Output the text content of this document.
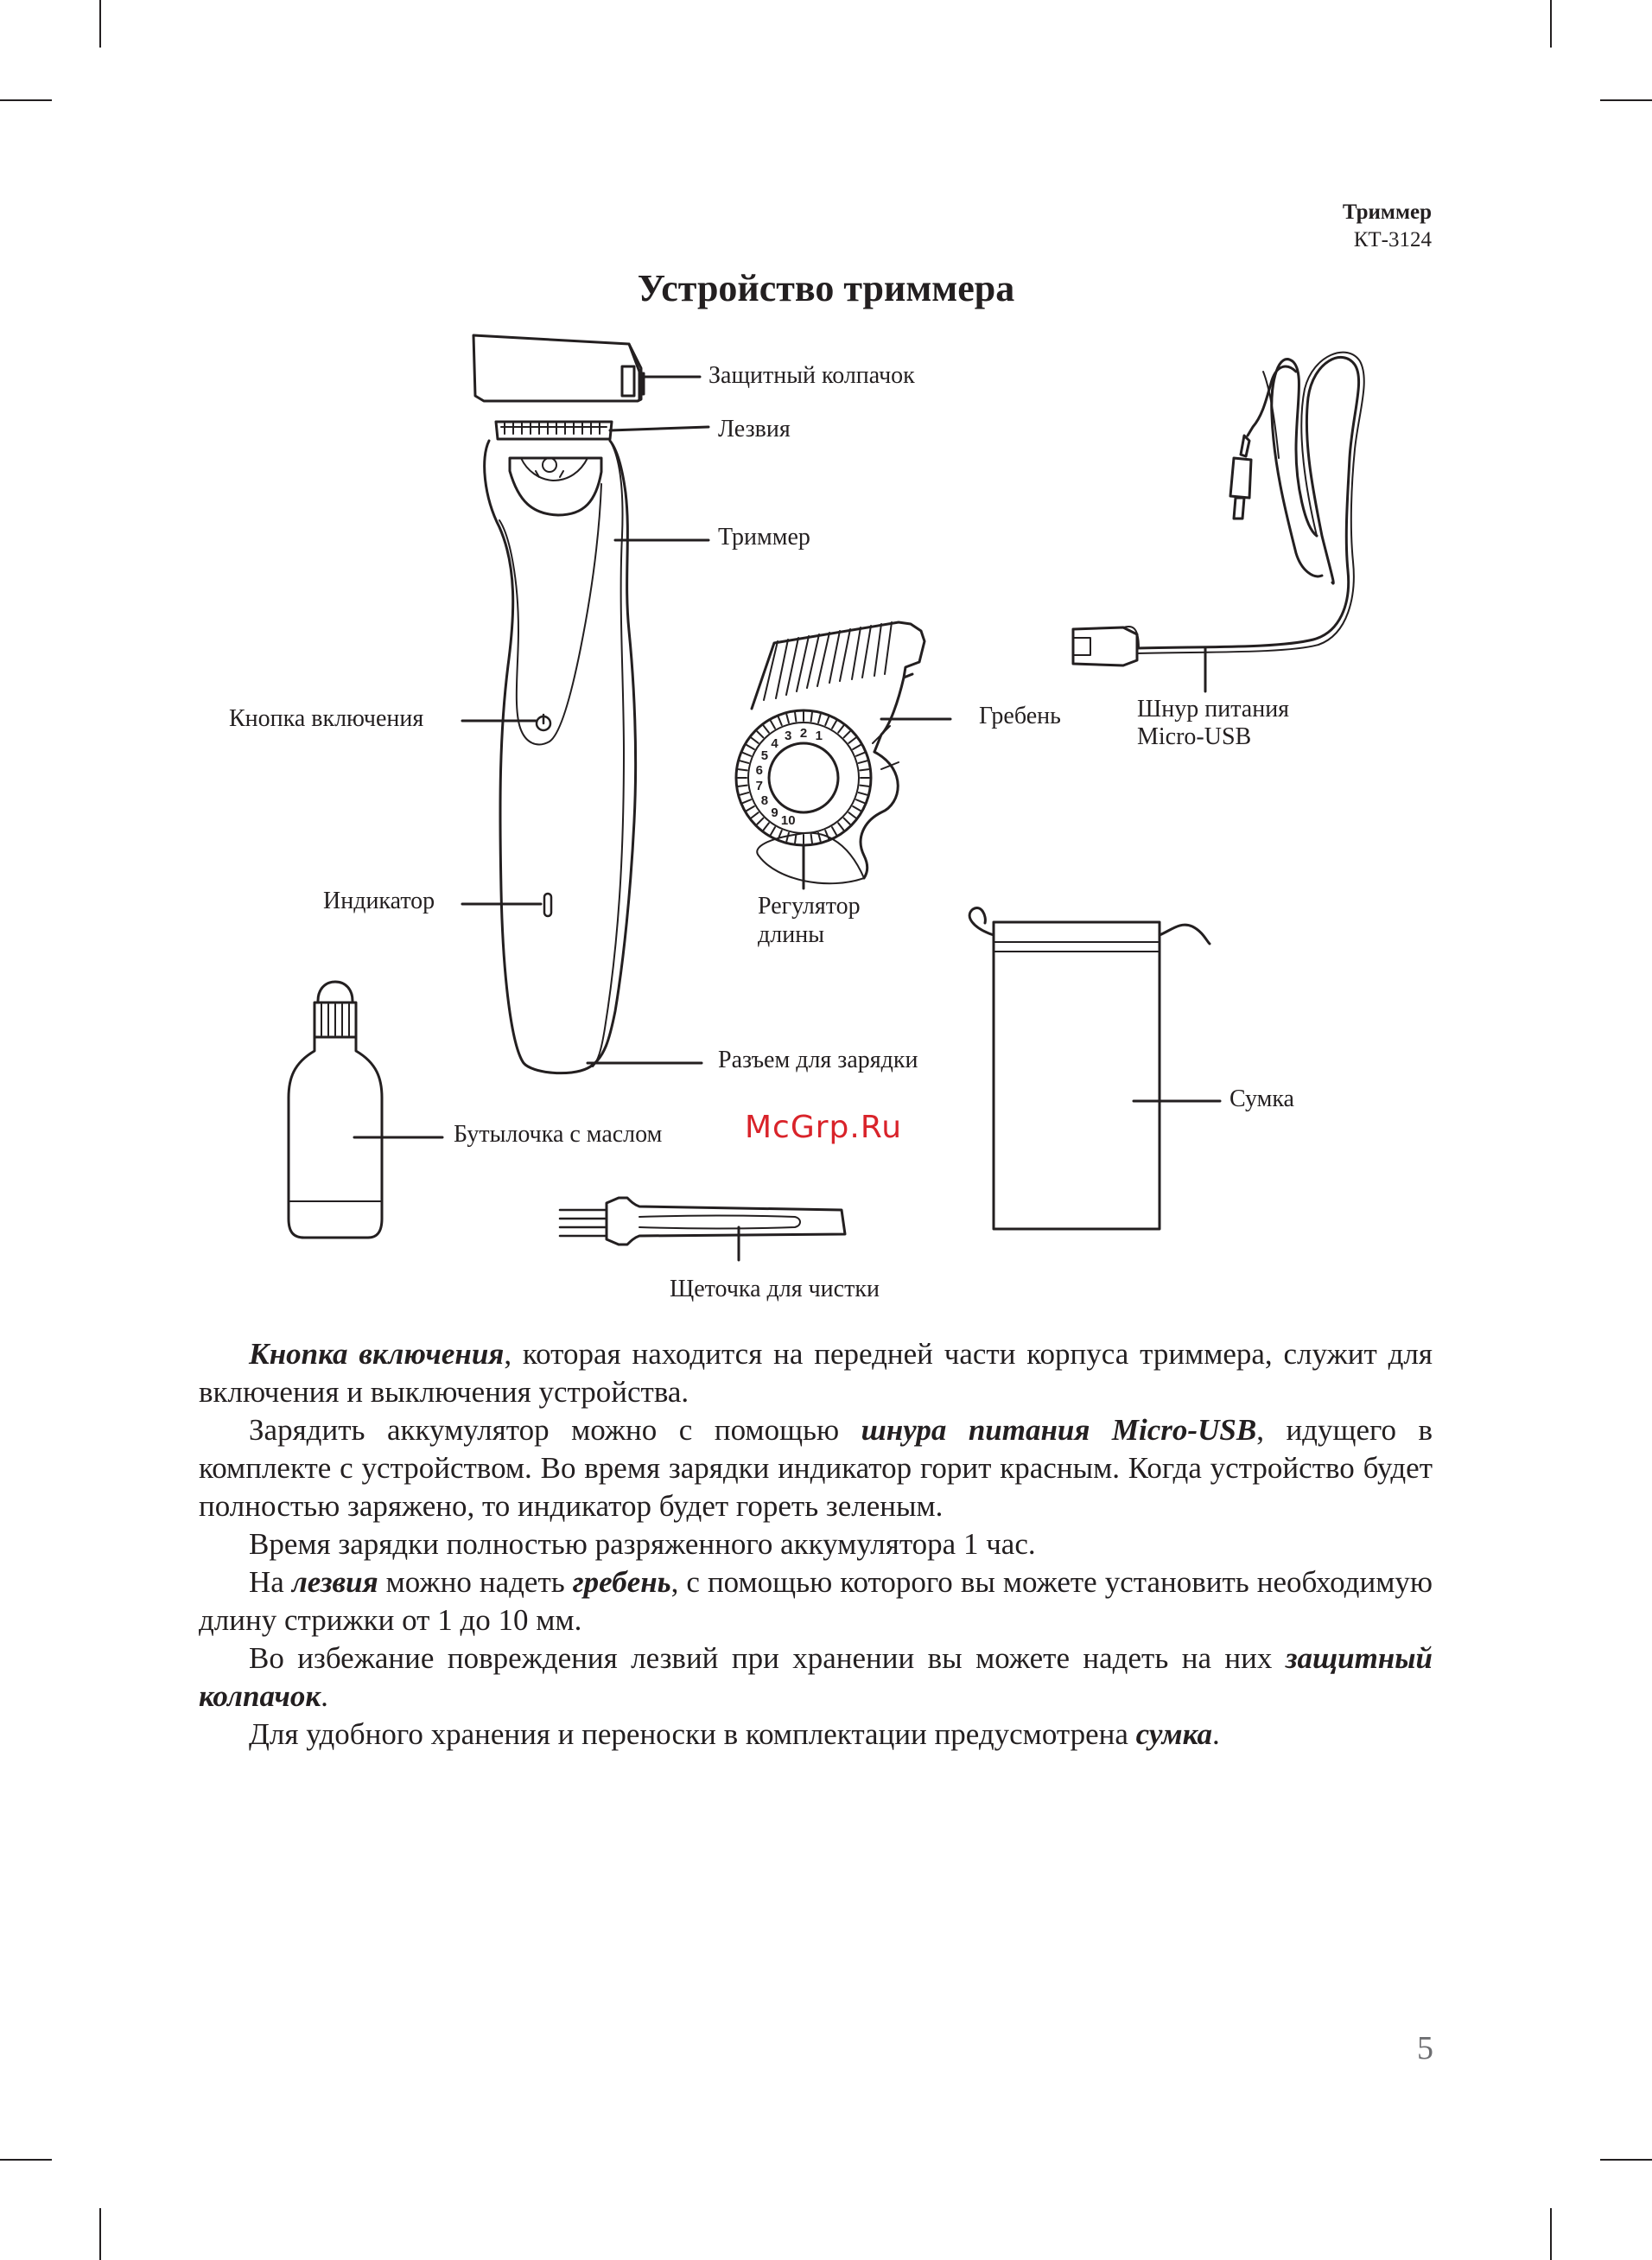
Триммер
КТ-3124
Устройство триммера
1
2
3
4
5
6
7
8
9
10
Защитный колпачок
Лезвия
Триммер
Кнопка включения
Индикатор
Разъем для зарядки
Бутылочка с маслом
Гребень
Регулятор
длины
Шнур питания
Micro-USB
Сумка
Щеточка для чистки
McGrp.Ru

Кнопка включения, которая находится на передней части корпуса триммера, служит для включения и выключения устройства.

Зарядить аккумулятор можно с помощью шнура питания Micro-USB, идущего в комплекте с устройством. Во время зарядки индикатор горит красным. Когда устройство будет полностью заряжено, то индикатор будет гореть зеленым.

Время зарядки полностью разряженного аккумулятора 1 час.

На лезвия можно надеть гребень, с помощью которого вы можете установить необходимую длину стрижки от 1 до 10 мм.

Во избежание повреждения лезвий при хранении вы можете надеть на них защитный колпачок.

Для удобного хранения и переноски в комплектации предусмотрена сумка.

5
